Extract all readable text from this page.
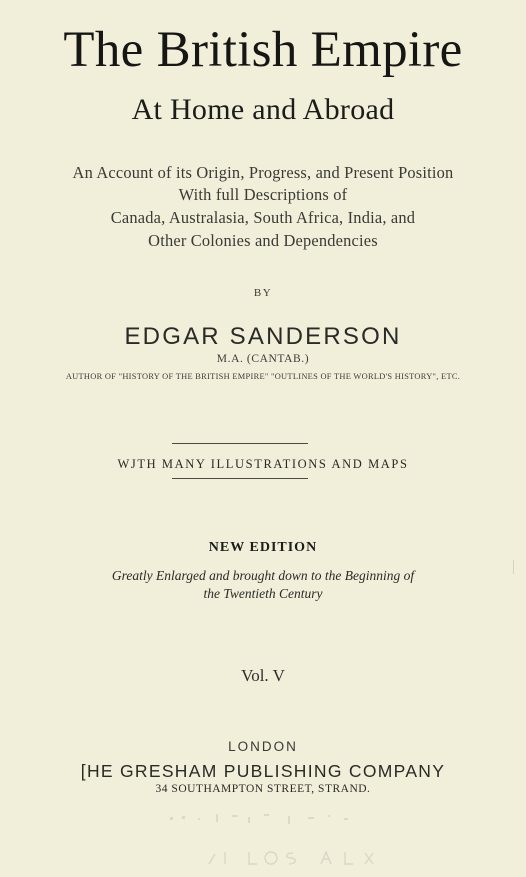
The British Empire
At Home and Abroad
An Account of its Origin, Progress, and Present Position
With full Descriptions of
Canada, Australasia, South Africa, India, and
Other Colonies and Dependencies
BY
EDGAR SANDERSON
M.A. (CANTAB.)
AUTHOR OF "HISTORY OF THE BRITISH EMPIRE" "OUTLINES OF THE WORLD'S HISTORY", ETC.
WJTH MANY ILLUSTRATIONS AND MAPS
NEW EDITION
Greatly Enlarged and brought down to the Beginning of
the Twentieth Century
Vol. V
LONDON
[HE GRESHAM PUBLISHING COMPANY
34 SOUTHAMPTON STREET, STRAND.
